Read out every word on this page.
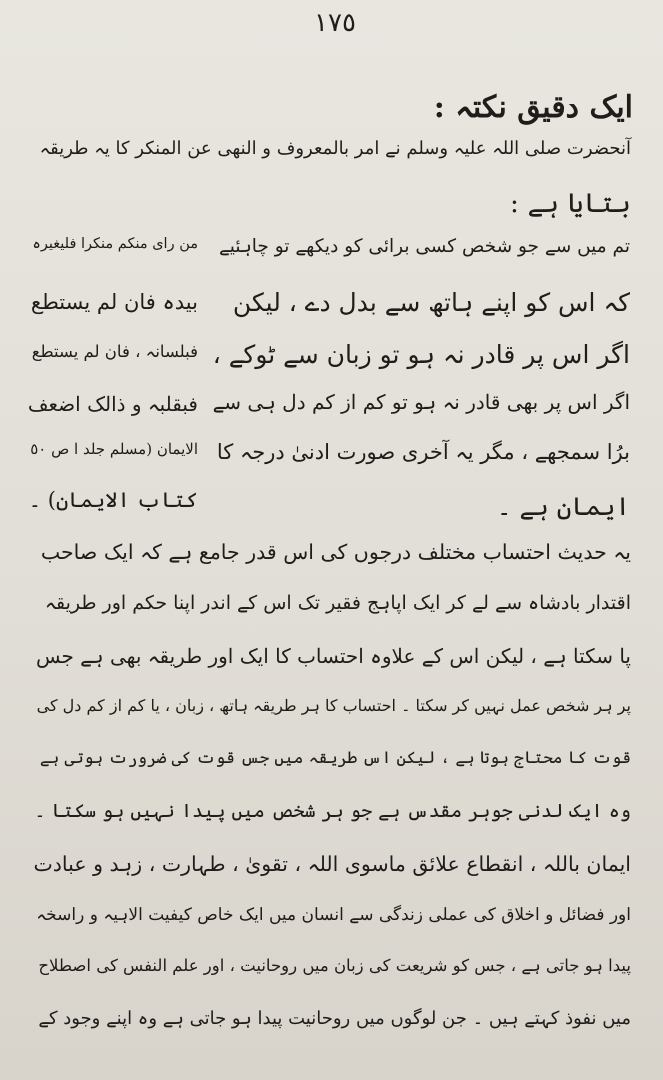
١٧٥
ایک دقیق نکتہ :
آنحضرت صلی اللہ علیہ وسلم نے امر بالمعروف و النھی عن المنکر کا یہ طریقہ
بتایا ہے :
من رای منکم منکرا فلیغیرہ
بیدہ فان لم یستطع
فبلسانہ ، فان لم یستطع
فبقلبہ و ذالک اضعف
الایمان (مسلم جلد ا ص ٥٠
کتاب الایمان) ۔
تم میں سے جو شخص کسی برائی کو دیکھے تو چاہئیے
کہ اس کو اپنے ہاتھ سے بدل دے ، لیکن
اگر اس پر قادر نہ ہو تو زبان سے ٹوکے ،
اگر اس پر بھی قادر نہ ہو تو کم از کم دل ہی سے
برُا سمجھے ، مگر یہ آخری صورت ادنیٰ درجہ کا
ایمان ہے ۔
یہ حدیث احتساب مختلف درجوں کی اس قدر جامع ہے کہ ایک صاحب
اقتدار بادشاہ سے لے کر ایک اپاہج فقیر تک اس کے اندر اپنا حکم اور طریقہ
پا سکتا ہے ، لیکن اس کے علاوہ احتساب کا ایک اور طریقہ بھی ہے جس
پر ہر شخص عمل نہیں کر سکتا ۔ احتساب کا ہر طریقہ ہاتھ ، زبان ، یا کم از کم دل کی
قوت کا محتاج ہوتا ہے ، لیکن اس طریقہ میں جس قوت کی ضرورت ہوتی ہے
وہ ایک لدنی جوہر مقدس ہے جو ہر شخص میں پیدا نہیں ہو سکتا ۔
ایمان باللہ ، انقطاع علائق ماسوی اللہ ، تقویٰ ، طہارت ، زہد و عبادت
اور فضائل و اخلاق کی عملی زندگی سے انسان میں ایک خاص کیفیت الاہیہ و راسخہ
پیدا ہو جاتی ہے ، جس کو شریعت کی زبان میں روحانیت ، اور علم النفس کی اصطلاح
میں نفوذ کہتے ہیں ۔ جن لوگوں میں روحانیت پیدا ہو جاتی ہے وہ اپنے وجود کے
